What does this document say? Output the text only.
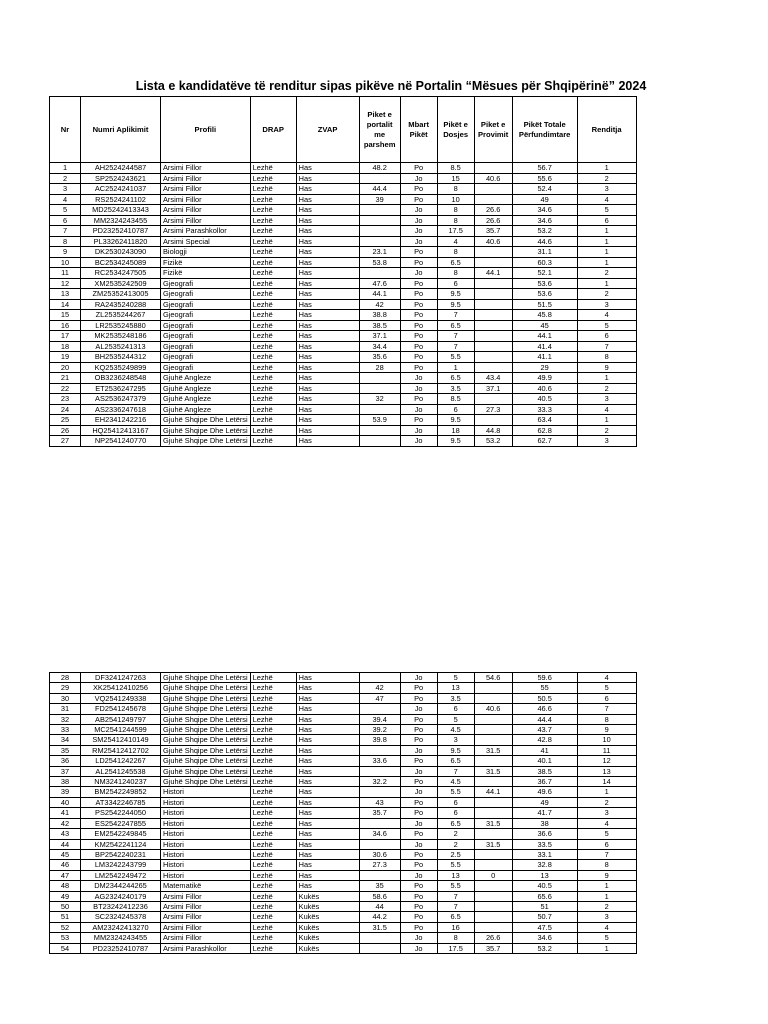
Lista e kandidatëve të renditur sipas pikëve në Portalin “Mësues për Shqipërinë” 2024
Nr	Numri Aplikimit	Profili	DRAP	ZVAP	Piket e portalit me parshem	Mbart Pikët	Pikët e Dosjes	Piket e Provimit	Pikët Totale Përfundimtare	Renditja
1	AH2524244587	Arsimi Fillor	Lezhë	Has	48.2	Po	8.5		56.7	1
2	SP2524243621	Arsimi Fillor	Lezhë	Has		Jo	15	40.6	55.6	2
3	AC2524241037	Arsimi Fillor	Lezhë	Has	44.4	Po	8		52.4	3
4	RS2524241102	Arsimi Fillor	Lezhë	Has	39	Po	10		49	4
5	MD25242413343	Arsimi Fillor	Lezhë	Has		Jo	8	26.6	34.6	5
6	MM2324243455	Arsimi Fillor	Lezhë	Has		Jo	8	26.6	34.6	6
7	PD23252410787	Arsimi Parashkollor	Lezhë	Has		Jo	17.5	35.7	53.2	1
8	PL33262411820	Arsimi Special	Lezhë	Has		Jo	4	40.6	44.6	1
9	DK2530243090	Biologji	Lezhë	Has	23.1	Po	8		31.1	1
10	BC2534245089	Fizikë	Lezhë	Has	53.8	Po	6.5		60.3	1
11	RC2534247505	Fizikë	Lezhë	Has		Jo	8	44.1	52.1	2
12	XM2535242509	Gjeografi	Lezhë	Has	47.6	Po	6		53.6	1
13	ZM25352413005	Gjeografi	Lezhë	Has	44.1	Po	9.5		53.6	2
14	RA2435240288	Gjeografi	Lezhë	Has	42	Po	9.5		51.5	3
15	ZL2535244267	Gjeografi	Lezhë	Has	38.8	Po	7		45.8	4
16	LR2535245880	Gjeografi	Lezhë	Has	38.5	Po	6.5		45	5
17	MK2535248186	Gjeografi	Lezhë	Has	37.1	Po	7		44.1	6
18	AL2535241313	Gjeografi	Lezhë	Has	34.4	Po	7		41.4	7
19	BH2535244312	Gjeografi	Lezhë	Has	35.6	Po	5.5		41.1	8
20	KQ2535249899	Gjeografi	Lezhë	Has	28	Po	1		29	9
21	OB3236248548	Gjuhë Angleze	Lezhë	Has		Jo	6.5	43.4	49.9	1
22	ET2536247295	Gjuhë Angleze	Lezhë	Has		Jo	3.5	37.1	40.6	2
23	AS2536247379	Gjuhë Angleze	Lezhë	Has	32	Po	8.5		40.5	3
24	AS2336247618	Gjuhë Angleze	Lezhë	Has		Jo	6	27.3	33.3	4
25	EH2341242216	Gjuhë Shqipe Dhe Letërsi	Lezhë	Has	53.9	Po	9.5		63.4	1
26	HQ25412413167	Gjuhë Shqipe Dhe Letërsi	Lezhë	Has		Jo	18	44.8	62.8	2
27	NP2541240770	Gjuhë Shqipe Dhe Letërsi	Lezhë	Has		Jo	9.5	53.2	62.7	3
28	DF3241247263	Gjuhë Shqipe Dhe Letërsi	Lezhë	Has		Jo	5	54.6	59.6	4
29	XK25412410256	Gjuhë Shqipe Dhe Letërsi	Lezhë	Has	42	Po	13		55	5
30	VQ2541249338	Gjuhë Shqipe Dhe Letërsi	Lezhë	Has	47	Po	3.5		50.5	6
31	FD2541245678	Gjuhë Shqipe Dhe Letërsi	Lezhë	Has		Jo	6	40.6	46.6	7
32	AB2541249797	Gjuhë Shqipe Dhe Letërsi	Lezhë	Has	39.4	Po	5		44.4	8
33	MC2541244599	Gjuhë Shqipe Dhe Letërsi	Lezhë	Has	39.2	Po	4.5		43.7	9
34	SM25412410149	Gjuhë Shqipe Dhe Letërsi	Lezhë	Has	39.8	Po	3		42.8	10
35	RM25412412702	Gjuhë Shqipe Dhe Letërsi	Lezhë	Has		Jo	9.5	31.5	41	11
36	LD2541242267	Gjuhë Shqipe Dhe Letërsi	Lezhë	Has	33.6	Po	6.5		40.1	12
37	AL2541245538	Gjuhë Shqipe Dhe Letërsi	Lezhë	Has		Jo	7	31.5	38.5	13
38	NM3241240237	Gjuhë Shqipe Dhe Letërsi	Lezhë	Has	32.2	Po	4.5		36.7	14
39	BM2542249852	Histori	Lezhë	Has		Jo	5.5	44.1	49.6	1
40	AT3342246785	Histori	Lezhë	Has	43	Po	6		49	2
41	PS2542244050	Histori	Lezhë	Has	35.7	Po	6		41.7	3
42	ES2542247855	Histori	Lezhë	Has		Jo	6.5	31.5	38	4
43	EM2542249845	Histori	Lezhë	Has	34.6	Po	2		36.6	5
44	KM2542241124	Histori	Lezhë	Has		Jo	2	31.5	33.5	6
45	BP2542240231	Histori	Lezhë	Has	30.6	Po	2.5		33.1	7
46	LM3242243799	Histori	Lezhë	Has	27.3	Po	5.5		32.8	8
47	LM2542249472	Histori	Lezhë	Has		Jo	13	0	13	9
48	DM2344244265	Matematikë	Lezhë	Has	35	Po	5.5		40.5	1
49	AG2324240179	Arsimi Fillor	Lezhë	Kukës	58.6	Po	7		65.6	1
50	BT23242412236	Arsimi Fillor	Lezhë	Kukës	44	Po	7		51	2
51	SC2324245378	Arsimi Fillor	Lezhë	Kukës	44.2	Po	6.5		50.7	3
52	AM23242413270	Arsimi Fillor	Lezhë	Kukës	31.5	Po	16		47.5	4
53	MM2324243455	Arsimi Fillor	Lezhë	Kukës		Jo	8	26.6	34.6	5
54	PD23252410787	Arsimi Parashkollor	Lezhë	Kukës		Jo	17.5	35.7	53.2	1
